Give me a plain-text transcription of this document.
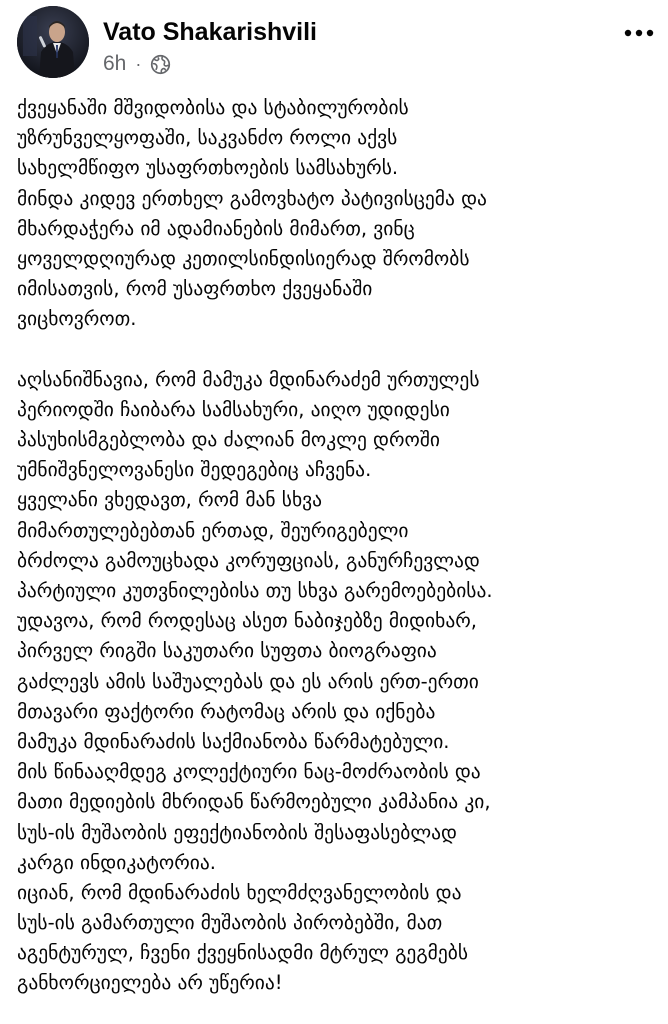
Vato Shakarishvili
6h ·
ქვეყანაში მშვიდობისა და სტაბილურობის
უზრუნველყოფაში, საკვანძო როლი აქვს
სახელმწიფო უსაფრთხოების სამსახურს.
მინდა კიდევ ერთხელ გამოვხატო პატივისცემა და
მხარდაჭერა იმ ადამიანების მიმართ, ვინც
ყოველდღიურად კეთილსინდისიერად შრომობს
იმისათვის, რომ უსაფრთხო ქვეყანაში
ვიცხოვროთ.
აღსანიშნავია, რომ მამუკა მდინარაძემ ურთულეს
პერიოდში ჩაიბარა სამსახური, აიღო უდიდესი
პასუხისმგებლობა და ძალიან მოკლე დროში
უმნიშვნელოვანესი შედეგებიც აჩვენა.
ყველანი ვხედავთ, რომ მან სხვა
მიმართულებებთან ერთად, შეურიგებელი
ბრძოლა გამოუცხადა კორუფციას, განურჩევლად
პარტიული კუთვნილებისა თუ სხვა გარემოებებისა.
უდავოა, რომ როდესაც ასეთ ნაბიჯებზე მიდიხარ,
პირველ რიგში საკუთარი სუფთა ბიოგრაფია
გაძლევს ამის საშუალებას და ეს არის ერთ-ერთი
მთავარი ფაქტორი რატომაც არის და იქნება
მამუკა მდინარაძის საქმიანობა წარმატებული.
მის წინააღმდეგ კოლექტიური ნაც-მოძრაობის და
მათი მედიების მხრიდან წარმოებული კამპანია კი,
სუს-ის მუშაობის ეფექტიანობის შესაფასებლად
კარგი ინდიკატორია.
იციან, რომ მდინარაძის ხელმძღვანელობის და
სუს-ის გამართული მუშაობის პირობებში, მათ
აგენტურულ, ჩვენი ქვეყნისადმი მტრულ გეგმებს
განხორციელება არ უწერია!
